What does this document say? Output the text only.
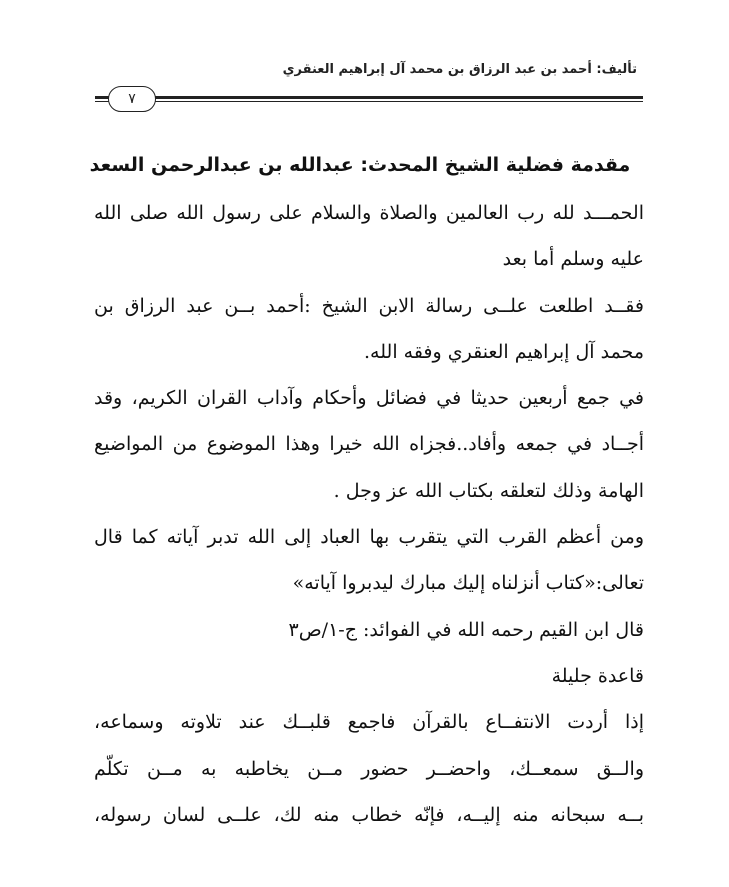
تأليف: أحمد بن عبد الرزاق بن محمد آل إبراهيم العنقري
٧
مقدمة فضلية الشيخ المحدث: عبدالله بن عبدالرحمن السعد
الحمـــد لله رب العالمين والصلاة والسلام على رسول الله صلى الله
عليه وسلم أما بعد
فقــد اطلعت علــى رسالة الابن الشيخ :أحمد بــن عبد الرزاق بن
محمد آل إبراهيم العنقري وفقه الله.
في جمع أربعين حديثا في فضائل وأحكام وآداب القران الكريم، وقد
أجــاد في جمعه وأفاد..فجزاه الله خيرا وهذا الموضوع من المواضيع
الهامة وذلك لتعلقه بكتاب الله عز وجل .
ومن أعظم القرب التي يتقرب بها العباد إلى الله تدبر آياته كما قال
تعالى:«كتاب أنزلناه إليك مبارك ليدبروا آياته»
قال ابن القيم رحمه الله في الفوائد: ج-١/ص٣
قاعدة جليلة
إذا أردت الانتفــاع بالقرآن فاجمع قلبــك عند تلاوته وسماعه،
والــق سمعــك، واحضــر حضور مــن يخاطبه به مــن تكلّم
بــه سبحانه منه إليــه، فإنّه خطاب منه لك، علــى لسان رسوله،
